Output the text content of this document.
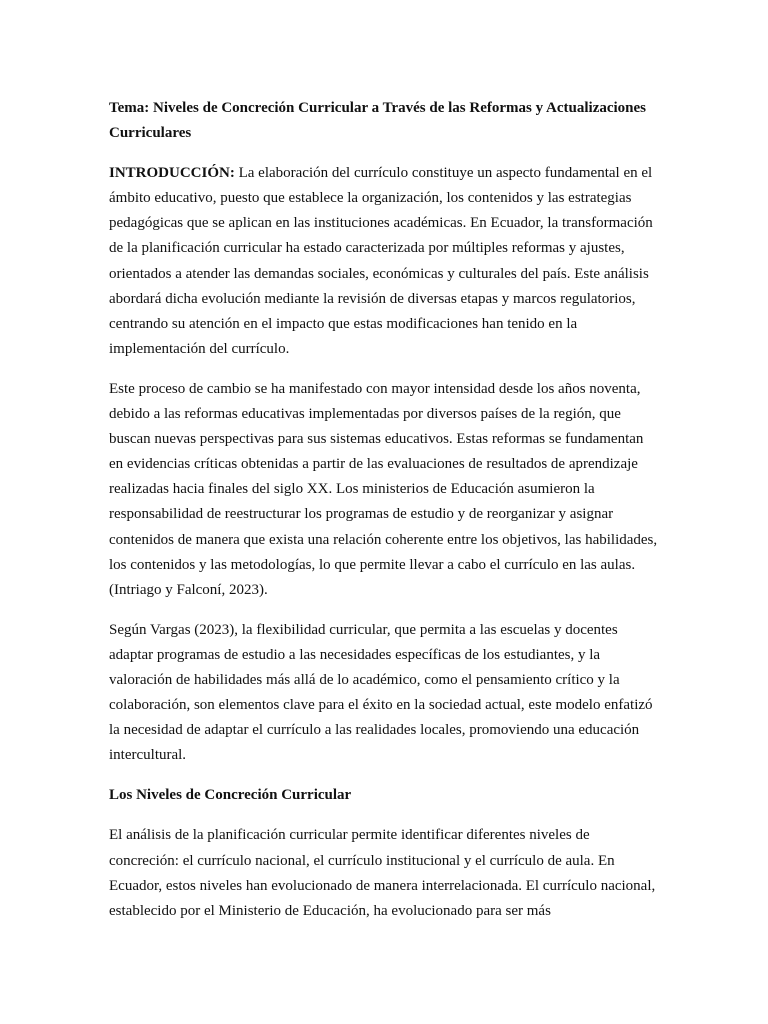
Tema: Niveles de Concreción Curricular a Través de las Reformas y Actualizaciones Curriculares

INTRODUCCIÓN: La elaboración del currículo constituye un aspecto fundamental en el ámbito educativo, puesto que establece la organización, los contenidos y las estrategias pedagógicas que se aplican en las instituciones académicas. En Ecuador, la transformación de la planificación curricular ha estado caracterizada por múltiples reformas y ajustes, orientados a atender las demandas sociales, económicas y culturales del país. Este análisis abordará dicha evolución mediante la revisión de diversas etapas y marcos regulatorios, centrando su atención en el impacto que estas modificaciones han tenido en la implementación del currículo.

Este proceso de cambio se ha manifestado con mayor intensidad desde los años noventa, debido a las reformas educativas implementadas por diversos países de la región, que buscan nuevas perspectivas para sus sistemas educativos. Estas reformas se fundamentan en evidencias críticas obtenidas a partir de las evaluaciones de resultados de aprendizaje realizadas hacia finales del siglo XX. Los ministerios de Educación asumieron la responsabilidad de reestructurar los programas de estudio y de reorganizar y asignar contenidos de manera que exista una relación coherente entre los objetivos, las habilidades, los contenidos y las metodologías, lo que permite llevar a cabo el currículo en las aulas. (Intriago y Falconí, 2023).

Según Vargas (2023), la flexibilidad curricular, que permita a las escuelas y docentes adaptar programas de estudio a las necesidades específicas de los estudiantes, y la valoración de habilidades más allá de lo académico, como el pensamiento crítico y la colaboración, son elementos clave para el éxito en la sociedad actual, este modelo enfatizó la necesidad de adaptar el currículo a las realidades locales, promoviendo una educación intercultural.

Los Niveles de Concreción Curricular

El análisis de la planificación curricular permite identificar diferentes niveles de concreción: el currículo nacional, el currículo institucional y el currículo de aula. En Ecuador, estos niveles han evolucionado de manera interrelacionada. El currículo nacional, establecido por el Ministerio de Educación, ha evolucionado para ser más
